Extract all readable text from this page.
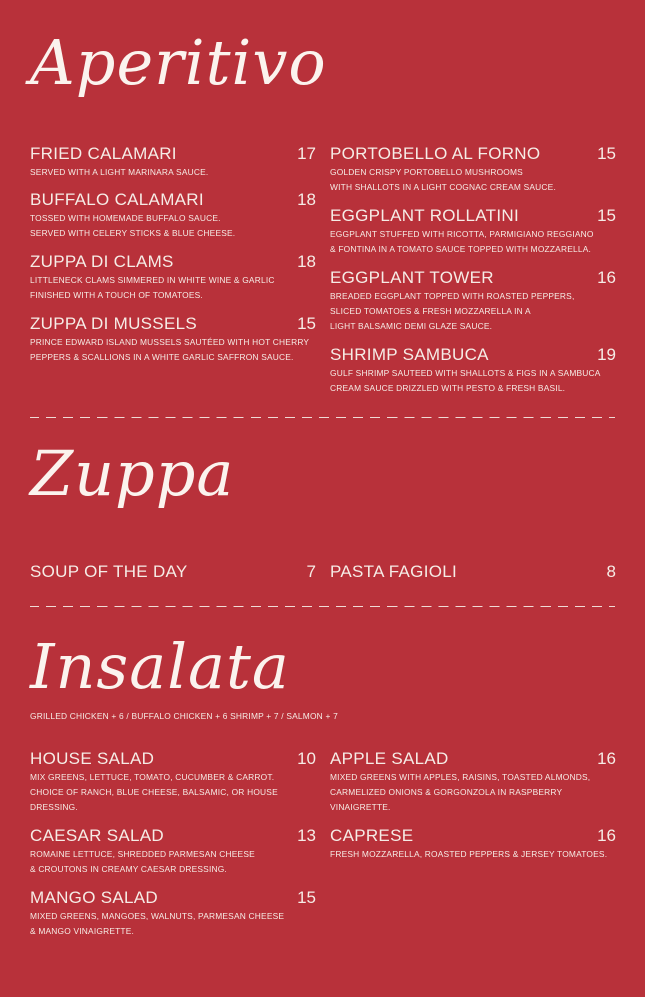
Aperitivo
FRIED CALAMARI	17
SERVED WITH A LIGHT MARINARA SAUCE.
BUFFALO CALAMARI	18
TOSSED WITH HOMEMADE BUFFALO SAUCE.
SERVED WITH CELERY STICKS & BLUE CHEESE.
ZUPPA DI CLAMS	18
LITTLENECK CLAMS SIMMERED IN WHITE WINE & GARLIC
FINISHED WITH A TOUCH OF TOMATOES.
ZUPPA DI MUSSELS	15
PRINCE EDWARD ISLAND MUSSELS SAUTÉED WITH HOT CHERRY
PEPPERS & SCALLIONS IN A WHITE GARLIC SAFFRON SAUCE.
PORTOBELLO AL FORNO	15
GOLDEN CRISPY PORTOBELLO MUSHROOMS
WITH SHALLOTS IN A LIGHT COGNAC CREAM SAUCE.
EGGPLANT ROLLATINI	15
EGGPLANT STUFFED WITH RICOTTA, PARMIGIANO REGGIANO
& FONTINA IN A TOMATO SAUCE TOPPED WITH MOZZARELLA.
EGGPLANT TOWER	16
BREADED EGGPLANT TOPPED WITH ROASTED PEPPERS,
SLICED TOMATOES & FRESH MOZZARELLA IN A
LIGHT BALSAMIC DEMI GLAZE SAUCE.
SHRIMP SAMBUCA	19
GULF SHRIMP SAUTEED WITH SHALLOTS & FIGS IN A SAMBUCA
CREAM SAUCE DRIZZLED WITH PESTO & FRESH BASIL.
Zuppa
SOUP OF THE DAY	7 PASTA FAGIOLI	8
Insalata
GRILLED CHICKEN + 6 / BUFFALO CHICKEN + 6 SHRIMP + 7 / SALMON + 7
HOUSE SALAD	10
MIX GREENS, LETTUCE, TOMATO, CUCUMBER & CARROT.
CHOICE OF RANCH, BLUE CHEESE, BALSAMIC, OR HOUSE DRESSING.
CAESAR SALAD	13
ROMAINE LETTUCE, SHREDDED PARMESAN CHEESE
& CROUTONS IN CREAMY CAESAR DRESSING.
MANGO SALAD	15
MIXED GREENS, MANGOES, WALNUTS, PARMESAN CHEESE
& MANGO VINAIGRETTE.
APPLE SALAD	16
MIXED GREENS WITH APPLES, RAISINS, TOASTED ALMONDS,
CARMELIZED ONIONS & GORGONZOLA IN RASPBERRY VINAIGRETTE.
CAPRESE	16
FRESH MOZZARELLA, ROASTED PEPPERS & JERSEY TOMATOES.
